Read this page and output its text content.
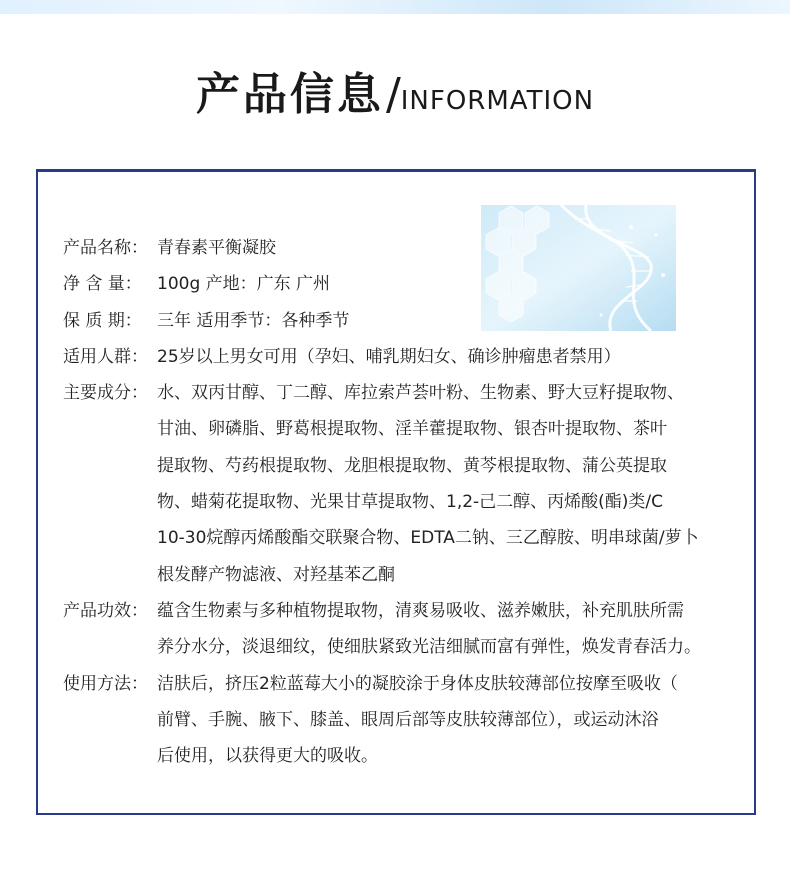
产品信息/INFORMATION
产品名称： 青春素平衡凝胶
净 含 量： 100g 产地：广东 广州
保 质 期： 三年 适用季节：各种季节
适用人群： 25岁以上男女可用（孕妇、哺乳期妇女、确诊肿瘤患者禁用）
主要成分： 水、双丙甘醇、丁二醇、库拉索芦荟叶粉、生物素、野大豆籽提取物、
甘油、卵磷脂、野葛根提取物、淫羊藿提取物、银杏叶提取物、茶叶
提取物、芍药根提取物、龙胆根提取物、黄芩根提取物、蒲公英提取
物、蜡菊花提取物、光果甘草提取物、1,2-己二醇、丙烯酸(酯)类/C
10-30烷醇丙烯酸酯交联聚合物、EDTA二钠、三乙醇胺、明串球菌/萝卜
根发酵产物滤液、对羟基苯乙酮
产品功效： 蕴含生物素与多种植物提取物，清爽易吸收、滋养嫩肤，补充肌肤所需
养分水分，淡退细纹，使细肤紧致光洁细腻而富有弹性，焕发青春活力。
使用方法： 洁肤后，挤压2粒蓝莓大小的凝胶涂于身体皮肤较薄部位按摩至吸收（
前臂、手腕、腋下、膝盖、眼周后部等皮肤较薄部位），或运动沐浴
后使用，以获得更大的吸收。
